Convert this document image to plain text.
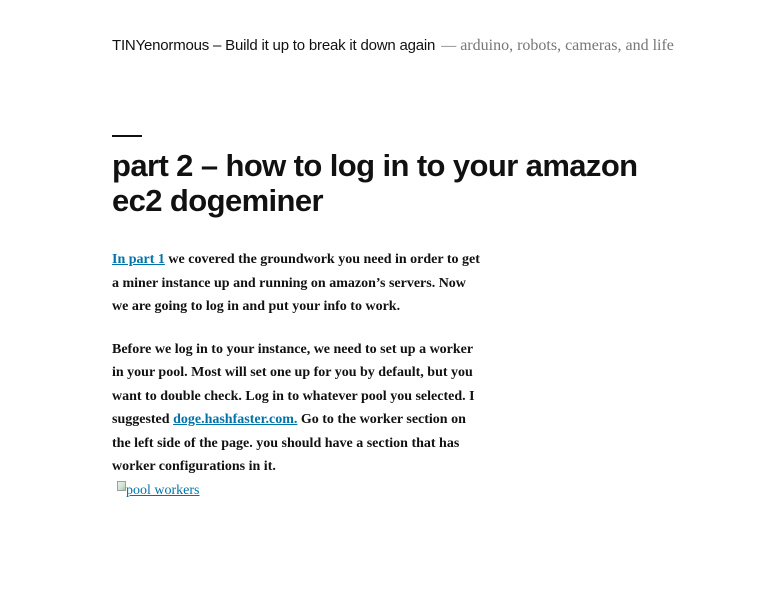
TINYenormous – Build it up to break it down again — arduino, robots, cameras, and life
part 2 – how to log in to your amazon ec2 dogeminer

In part 1 we covered the groundwork you need in order to get a miner instance up and running on amazon’s servers. Now we are going to log in and put your info to work.

Before we log in to your instance, we need to set up a worker in your pool. Most will set one up for you by default, but you want to double check. Log in to whatever pool you selected. I suggested doge.hashfaster.com. Go to the worker section on the left side of the page. you should have a section that has worker configurations in it.
pool workers
